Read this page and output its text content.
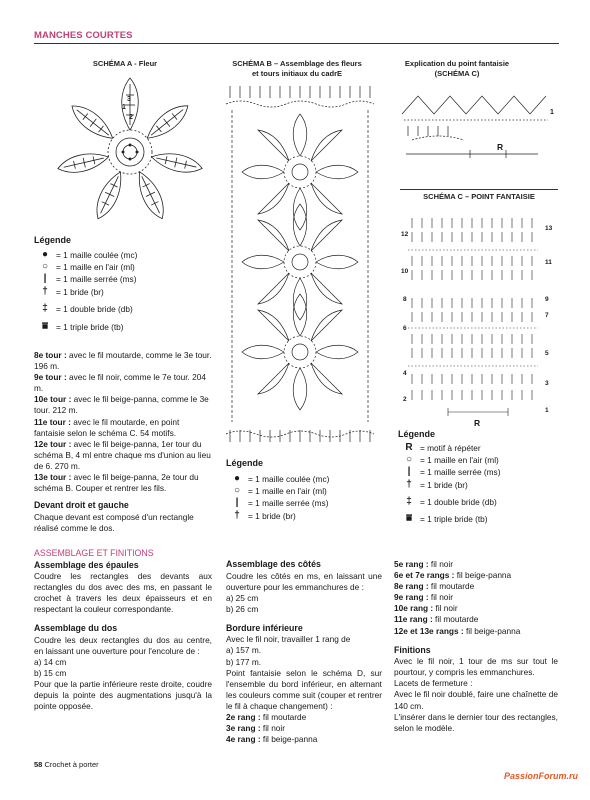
MANCHES COURTES
SCHÉMA A - Fleur
3
1
2
Légende
● = 1 maille coulée (mc)
○ = 1 maille en l'air (ml)
|	= 1 maille serrée (ms)
† = 1 bride (br)
‡ = 1 double bride (db)
⩸ = 1 triple bride (tb)

8e tour : avec le fil moutarde, comme le 3e tour. 196 m.

9e tour : avec le fil noir, comme le 7e tour. 204 m.

10e tour : avec le fil beige-panna, comme le 3e tour. 212 m.

11e tour : avec le fil moutarde, en point fantaisie selon le schéma C. 54 motifs.

12e tour : avec le fil beige-panna, 1er tour du schéma B, 4 ml entre chaque ms d'union au lieu de 6. 270 m.

13e tour : avec le fil beige-panna, 2e tour du schéma B. Couper et rentrer les fils.

Devant droit et gauche

Chaque devant est composé d'un rectangle réalisé comme le dos.

SCHÉMA B – Assemblage des fleurs
et tours initiaux du cadrE
Légende
● = 1 maille coulée (mc)
○ = 1 maille en l'air (ml)
|	= 1 maille serrée (ms)
† = 1 bride (br)
Explication du point fantaisie
(SCHÉMA C)
R
1
SCHÉMA C – POINT FANTAISIE
12
10
8
6
4
2
13
11
9
7
5
3
1
R
Légende
R = motif à répéter
○ = 1 maille en l'air (ml)
|	= 1 maille serrée (ms)
† = 1 bride (br)
‡ = 1 double bride (db)
⩸ = 1 triple bride (tb)

ASSEMBLAGE ET FINITIONS

Assemblage des épaules

Coudre les rectangles des devants aux rectangles du dos avec des ms, en passant le crochet à travers les deux épaisseurs et en respectant la couleur correspondante.

Assemblage du dos

Coudre les deux rectangles du dos au centre, en laissant une ouverture pour l'encolure de :

a) 14 cm

b) 15 cm

Pour que la partie inférieure reste droite, coudre depuis la pointe des augmentations jusqu'à la pointe opposée.

Assemblage des côtés

Coudre les côtés en ms, en laissant une ouverture pour les emmanchures de :

a) 25 cm

b) 26 cm

Bordure inférieure

Avec le fil noir, travailler 1 rang de

a) 157 m.

b) 177 m.

Point fantaisie selon le schéma D, sur l'ensemble du bord inférieur, en alternant les couleurs comme suit (couper et rentrer le fil à chaque changement) :

2e rang : fil moutarde

3e rang : fil noir

4e rang : fil beige-panna

5e rang : fil noir

6e et 7e rangs : fil beige-panna

8e rang : fil moutarde

9e rang : fil noir

10e rang : fil noir

11e rang : fil moutarde

12e et 13e rangs : fil beige-panna

Finitions

Avec le fil noir, 1 tour de ms sur tout le pourtour, y compris les emmanchures.

Lacets de fermeture :

Avec le fil noir doublé, faire une chaînette de 140 cm.

L'insérer dans le dernier tour des rectangles, selon le modèle.

58 Crochet à porter
PassionForum.ru
